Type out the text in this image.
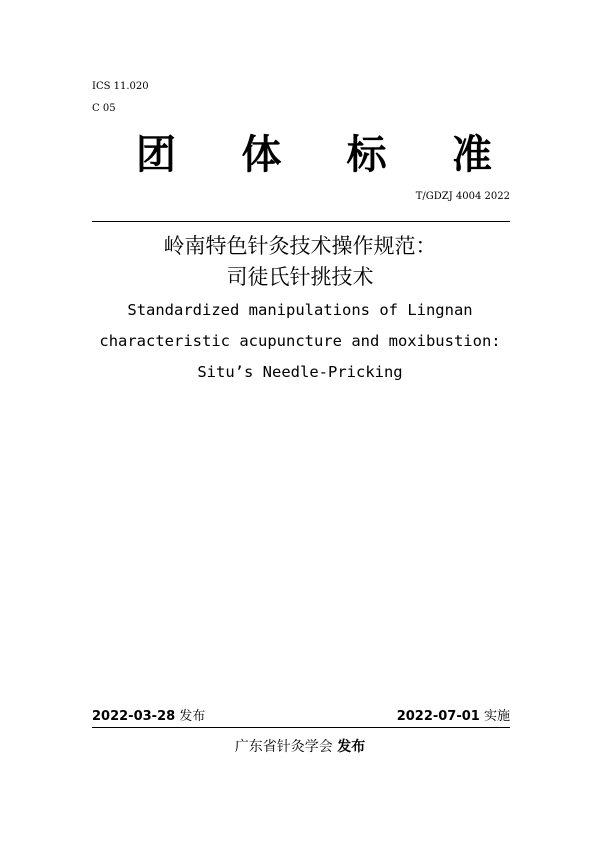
ICS 11.020
C 05
团 体 标 准
T/GDZJ 4004 2022
岭南特色针灸技术操作规范：
司徒氏针挑技术
Standardized manipulations of Lingnan
characteristic acupuncture and moxibustion:
Situ’s Needle-Pricking
2022-03-28 发布	2022-07-01 实施
广东省针灸学会 发布
